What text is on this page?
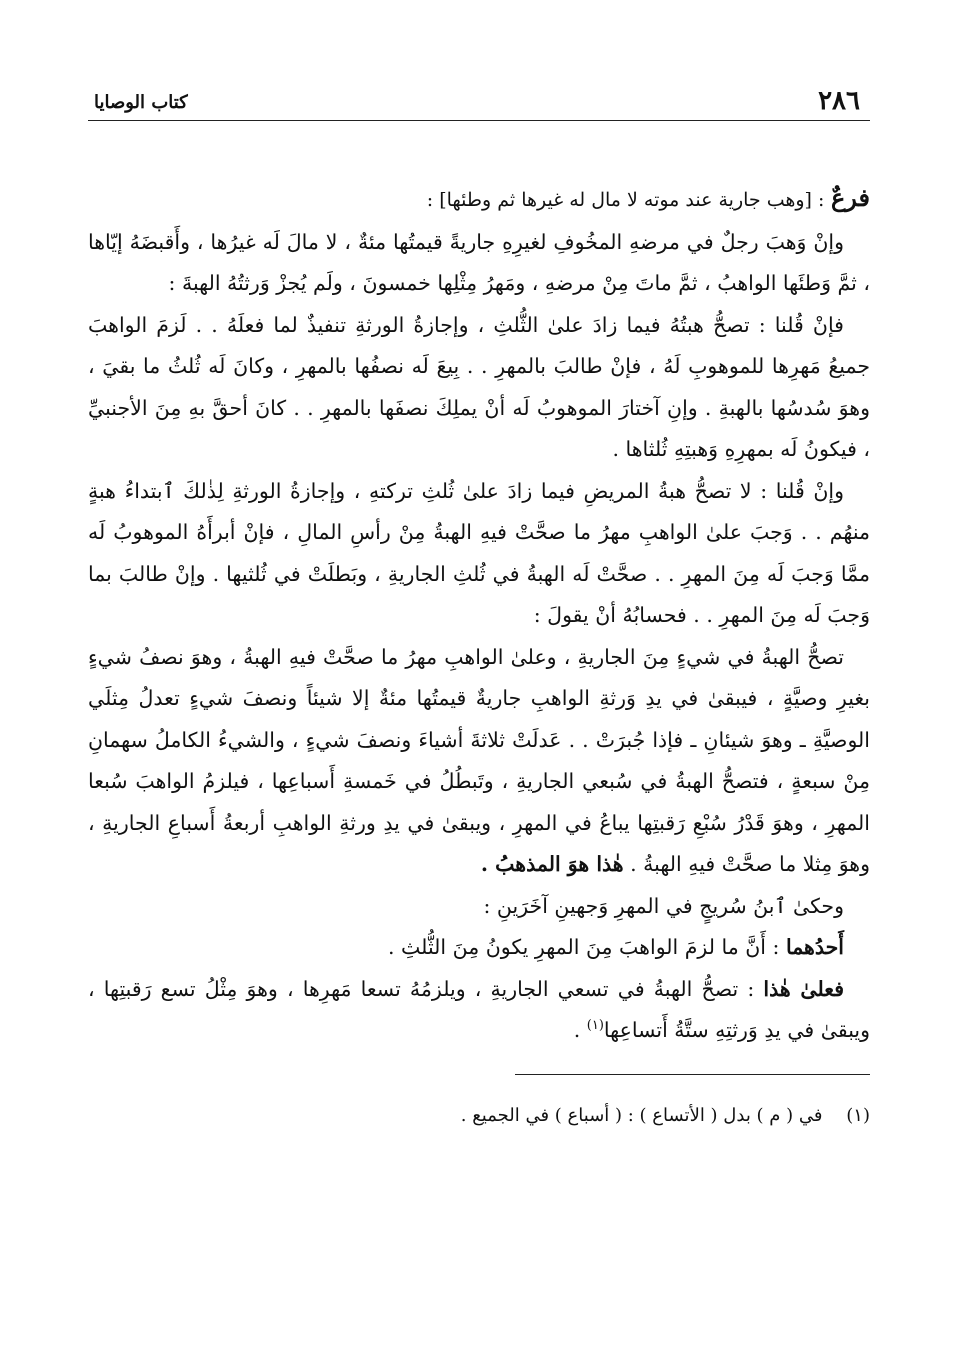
٢٨٦
كتاب الوصايا

فرعٌ : [وهب جارية عند موته لا مال له غيرها ثم وطئها] :

وإنْ وَهبَ رجلٌ في مرضهِ المخُوفِ لغيرِهِ جاريةً قيمتُها مئةٌ ، لا مالَ لَه غيرُها ، وأَقبضَهُ إيّاها ، ثمَّ وَطئَها الواهبُ ، ثمَّ ماتَ مِنْ مرضهِ ، ومَهرُ مِثْلِها خمسونَ ، ولَم يُجزْ وَرثتُهُ الهبةَ :

فإنْ قُلنا : تصحُّ هبتُهُ فيما زادَ علىٰ الثُّلثِ ، وإجازةُ الورثةِ تنفيذٌ لما فعلَهُ . . لَزمَ الواهبَ جميعُ مَهرِها للموهوبِ لَهُ ، فإنْ طالبَ بالمهرِ . . بِيعَ لَه نصفُها بالمهرِ ، وكانَ لَه ثُلثُ ما بقيَ ، وهوَ سُدسُها بالهبةِ . وإنِ آختارَ الموهوبُ لَه أنْ يملِكَ نصفَها بالمهرِ . . كانَ أحقَّ بهِ مِنَ الأجنبيِّ ، فيكونُ لَه بمهرِهِ وَهبتِهِ ثُلثاها .

وإنْ قُلنا : لا تصحُّ هبةُ المريضِ فيما زادَ علىٰ ثُلثِ تركتهِ ، وإجازةُ الورثةِ لِذٰلكَ ٱبتداءُ هبةٍ منهُم . . وَجبَ علىٰ الواهبِ مهرُ ما صحَّتْ فيهِ الهبةُ مِنْ رأسِ المالِ ، فإنْ أبرأَهُ الموهوبُ لَه ممَّا وَجبَ لَه مِنَ المهرِ . . صحَّتْ لَه الهبةُ في ثُلثِ الجاريةِ ، وبَطلَتْ في ثُلثيها . وإنْ طالبَ بما وَجبَ لَه مِنَ المهرِ . . فحسابُهُ أنْ يقولَ :

تصحُّ الهبةُ في شيءٍ مِنَ الجاريةِ ، وعلىٰ الواهبِ مهرُ ما صحَّتْ فيهِ الهبةُ ، وهوَ نصفُ شيءٍ بغيرِ وصيَّةٍ ، فيبقىٰ في يدِ وَرثةِ الواهبِ جاريةٌ قيمتُها مئةٌ إلا شيئاً ونصفَ شيءٍ تعدلُ مِثلَي الوصيَّةِ ـ وهوَ شيئانِ ـ فإذا جُبرَتْ . . عَدلَتْ ثلاثةَ أشياءَ ونصفَ شيءٍ ، والشيءُ الكاملُ سهمانِ مِنْ سبعةٍ ، فتصحُّ الهبةُ في سُبعي الجاريةِ ، وتَبطُلُ في خَمسةِ أَسباعِها ، فيلزمُ الواهبَ سُبعا المهرِ ، وهوَ قَدْرُ سُبْعِ رَقبتِها يباعُ في المهرِ ، ويبقىٰ في يدِ ورثةِ الواهبِ أربعةُ أَسباعِ الجاريةِ ، وهوَ مِثلا ما صحَّتْ فيهِ الهبةُ . هٰذا هوَ المذهبُ .

وحكىٰ ٱبنُ سُريجٍ في المهرِ وَجهينِ آخَرَينِ :

أَحدُهما : أَنَّ ما لزمَ الواهبَ مِنَ المهرِ يكونُ مِنَ الثُّلثِ .

فعلىٰ هٰذا : تصحُّ الهبةُ في تسعي الجاريةِ ، ويلزمُهُ تسعا مَهرِها ، وهوَ مِثْلُ تسع رَقبتِها ، ويبقىٰ في يدِ وَرثتِهِ ستَّةُ أَتساعِها$^{(١)}$ .

(١) في ( م ) بدل ( الأتساع ) : ( أسباع ) في الجميع .
